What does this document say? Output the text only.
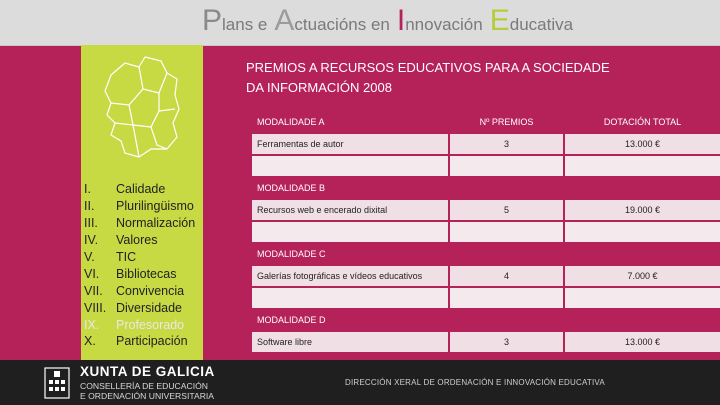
P lans e A ctuacións en I nnovación E ducativa
I.	Calidade
II.	Plurilingüismo
III.	Normalización
IV.	Valores
V.	TIC
VI.	Bibliotecas
VII.	Convivencia
VIII. Diversidade
IX.	Profesorado
X.	Participación
PREMIOS A RECURSOS EDUCATIVOS PARA A SOCIEDADE
DA INFORMACIÓN 2008
MODALIDADE A	Nº PREMIOS	DOTACIÓN TOTAL
Ferramentas de autor	3	13.000 €
MODALIDADE B
Recursos web e encerado dixital	5	19.000 €
MODALIDADE C
Galerías fotográficas e vídeos educativos	4	7.000 €
MODALIDADE D
Software libre	3	13.000 €
XUNTA DE GALICIA
CONSELLERÍA DE EDUCACIÓN
E ORDENACIÓN UNIVERSITARIA
DIRECCIÓN XERAL DE ORDENACIÓN E INNOVACIÓN EDUCATIVA
